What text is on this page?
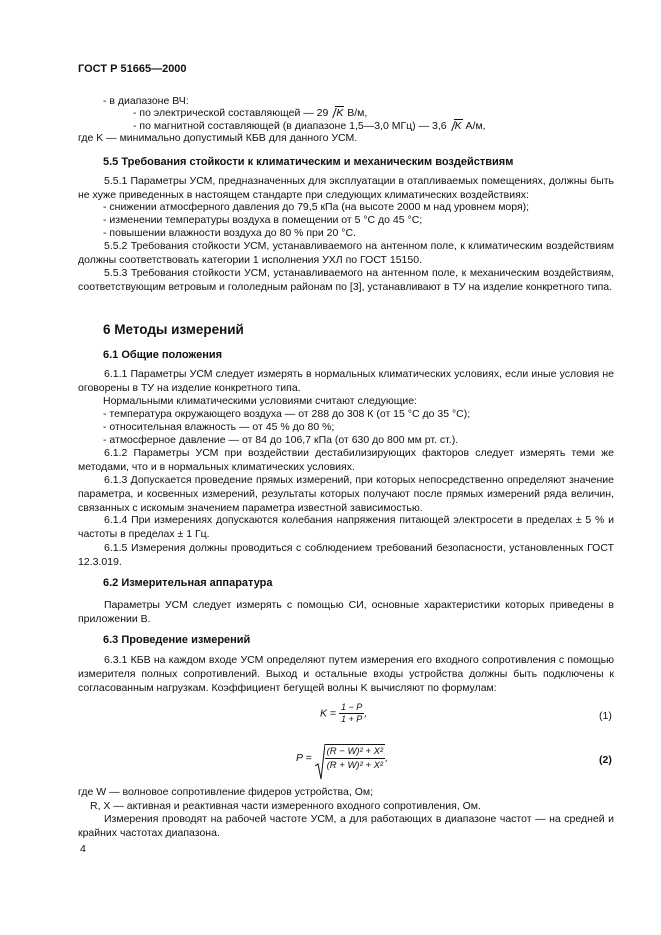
ГОСТ Р 51665—2000
- в диапазоне ВЧ:
- по электрической составляющей — 29 K В/м,
- по магнитной составляющей (в диапазоне 1,5—3,0 МГц) — 3,6 K А/м,
где K — минимально допустимый КБВ для данного УСМ.
5.5 Требования стойкости к климатическим и механическим воздействиям
5.5.1 Параметры УСМ, предназначенных для эксплуатации в отапливаемых помещениях, должны быть не хуже приведенных в настоящем стандарте при следующих климатических воздействиях:
- снижении атмосферного давления до 79,5 кПа (на высоте 2000 м над уровнем моря);
- изменении температуры воздуха в помещении от 5 °С до 45 °С;
- повышении влажности воздуха до 80 % при 20 °С.
5.5.2 Требования стойкости УСМ, устанавливаемого на антенном поле, к климатическим воздействиям должны соответствовать категории 1 исполнения УХЛ по ГОСТ 15150.
5.5.3 Требования стойкости УСМ, устанавливаемого на антенном поле, к механическим воздействиям, соответствующим ветровым и гололедным районам по [3], устанавливают в ТУ на изделие конкретного типа.
6 Методы измерений
6.1 Общие положения
6.1.1 Параметры УСМ следует измерять в нормальных климатических условиях, если иные условия не оговорены в ТУ на изделие конкретного типа.
Нормальными климатическими условиями считают следующие:
- температура окружающего воздуха — от 288 до 308 К (от 15 °С до 35 °С);
- относительная влажность — от 45 % до 80 %;
- атмосферное давление — от 84 до 106,7 кПа (от 630 до 800 мм рт. ст.).
6.1.2 Параметры УСМ при воздействии дестабилизирующих факторов следует измерять теми же методами, что и в нормальных климатических условиях.
6.1.3 Допускается проведение прямых измерений, при которых непосредственно определяют значение параметра, и косвенных измерений, результаты которых получают после прямых измерений ряда величин, связанных с искомым значением параметра известной зависимостью.
6.1.4 При измерениях допускаются колебания напряжения питающей электросети в пределах ± 5 % и частоты в пределах ± 1 Гц.
6.1.5 Измерения должны проводиться с соблюдением требований безопасности, установленных ГОСТ 12.3.019.
6.2 Измерительная аппаратура
Параметры УСМ следует измерять с помощью СИ, основные характеристики которых приведены в приложении В.
6.3 Проведение измерений
6.3.1 КБВ на каждом входе УСМ определяют путем измерения его входного сопротивления с помощью измерителя полных сопротивлений. Выход и остальные входы устройства должны быть подключены к согласованным нагрузкам. Коэффициент бегущей волны K вычисляют по формулам:
$K = \frac{1 - P}{1 + P}$ ,	(1)
$P = \frac{\text{(R − W)² + X²}}{\text{(R + W)² + X²}}$ ,	(2)
где W — волновое сопротивление фидеров устройства, Ом;
R, X — активная и реактивная части измеренного входного сопротивления, Ом.
Измерения проводят на рабочей частоте УСМ, а для работающих в диапазоне частот — на средней и крайних частотах диапазона.
4
